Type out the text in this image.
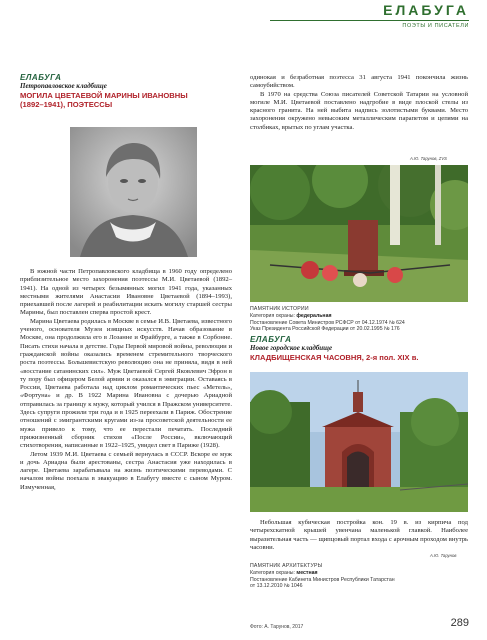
ЕЛАБУГА
ПОЭТЫ И ПИСАТЕЛИ
ЕЛАБУГА
Петропавловское кладбище
МОГИЛА ЦВЕТАЕВОЙ МАРИНЫ ИВАНОВНЫ
(1892–1941), ПОЭТЕССЫ

В южной части Петропавловского кладбища в 1960 году определено приблизительное место захоронения поэтессы М.И. Цветаевой (1892–1941). На одной из четырех безымянных могил 1941 года, указанных местными жителями Анастасии Ивановне Цветаевой (1894–1993), приехавшей после лагерей и реабилитации искать могилу старшей сестры Марины, был поставлен сперва простой крест.

Марина Цветаева родилась в Москве в семье И.В. Цветаева, известного ученого, основателя Музея изящных искусств. Начав образование в Москве, она продолжила его в Лозанне и Фрайбурге, а также в Сорбонне. Писать стихи начала в детстве. Годы Первой мировой войны, революции и гражданской войны оказались временем стремительного творческого роста поэтессы. Большевистскую революцию она не приняла, видя в ней «восстание сатанинских сил». Муж Цветаевой Сергей Яковлевич Эфрон в ту пору был офицером Белой армии и оказался в эмиграции. Оставаясь в России, Цветаева работала над циклом романтических пьес «Метель», «Фортуна» и др. В 1922 Марина Ивановна с дочерью Ариадной отправилась за границу к мужу, который учился в Пражском университете. Здесь супруги прожили три года и в 1925 переехали в Париж. Обострение отношений с эмигрантскими кругами из-за просоветской деятельности ее мужа привело к тому, что ее перестали печатать. Последний прижизненный сборник стихов «После России», включающий стихотворения, написанные в 1922–1925, увидел свет в Париже (1928).

Летом 1939 М.И. Цветаева с семьей вернулась в СССР. Вскоре ее муж и дочь Ариадна были арестованы, сестра Анастасия уже находилась в лагере. Цветаева зарабатывала на жизнь поэтическими переводами. С началом войны поехала в эвакуацию в Елабугу вместе с сыном Муром. Измученная,

одинокая и безработная поэтесса 31 августа 1941 покончила жизнь самоубийством.

В 1970 на средства Союза писателей Советской Татарии на условной могиле М.И. Цветаевой поставлено надгробие в виде плоской стелы из красного гранита. На ней выбита надпись золотистыми буквами. Место захоронения окружено невысоким металлическим парапетом и цепями на столбиках, врытых по углам участка.

А.Ю. Тарунов, ZVS
ПАМЯТНИК ИСТОРИИ
Категория охраны: федеральная
Постановление Совета Министров РСФСР от 04.12.1974 № 624
Указ Президента Российской Федерации от 20.02.1995 № 176
ЕЛАБУГА
Новое городское кладбище
КЛАДБИЩЕНСКАЯ ЧАСОВНЯ, 2-я пол. XIX в.

Небольшая кубическая постройка кон. 19 в. из кирпича под четырехскатной крышей увенчана маленькой главкой. Наиболее выразительная часть — щипцовый портал входа с арочным проходом внутрь часовни.

А.Ю. Тарунов
ПАМЯТНИК АРХИТЕКТУРЫ
Категория охраны: местная
Постановление Кабинета Министров Республики Татарстан
от 13.12.2010 № 1046
Фото: А. Тарунов, 2017	289
